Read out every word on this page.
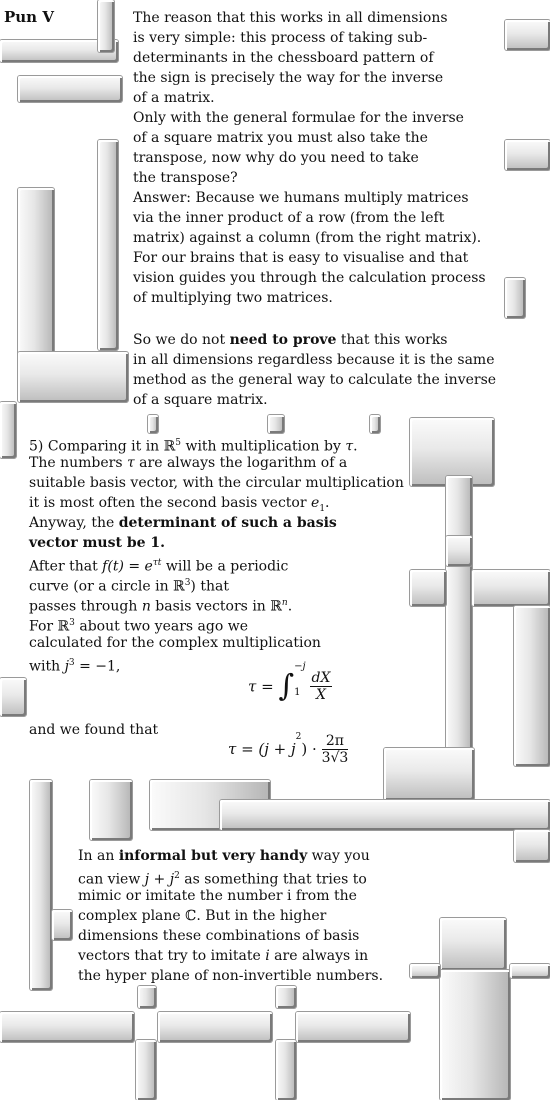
Pun V	The reason that this works in all dimensions
is very simple: this process of taking sub-
determinants in the chessboard pattern of
the sign is precisely the way for the inverse
of a matrix.
Only with the general formulae for the inverse
of a square matrix you must also take the
transpose, now why do you need to take
the transpose?
Answer: Because we humans multiply matrices
via the inner product of a row (from the left
matrix) against a column (from the right matrix).
For our brains that is easy to visualise and that
vision guides you through the calculation process
of multiplying two matrices.
So we do not need to prove that this works
in all dimensions regardless because it is the same
method as the general way to calculate the inverse
of a square matrix.
5) Comparing it in ℝ$^5$ with multiplication by τ.
The numbers τ are always the logarithm of a
suitable basis vector, with the circular multiplication
it is most often the second basis vector $e_1$.
Anyway, the determinant of such a basis
vector must be 1.
After that $f(t) = e^{\tau t}$ will be a periodic
curve (or a circle in ℝ$^3$) that
passes through n basis vectors in ℝ$^n$.
For ℝ$^3$ about two years ago we
calculated for the complex multiplication
with $j^3 = -1$,
τ = ∫
−j
$1 \frac{dX}{X}$
and we found that
$\tau = (j + j^2) \cdot \frac{2\pi}{3√3}$
In an informal but very handy way you
can view $j + j^2$ as something that tries to
mimic or imitate the number i from the
complex plane ℂ. But in the higher
dimensions these combinations of basis
vectors that try to imitate i are always in
the hyper plane of non-invertible numbers.
